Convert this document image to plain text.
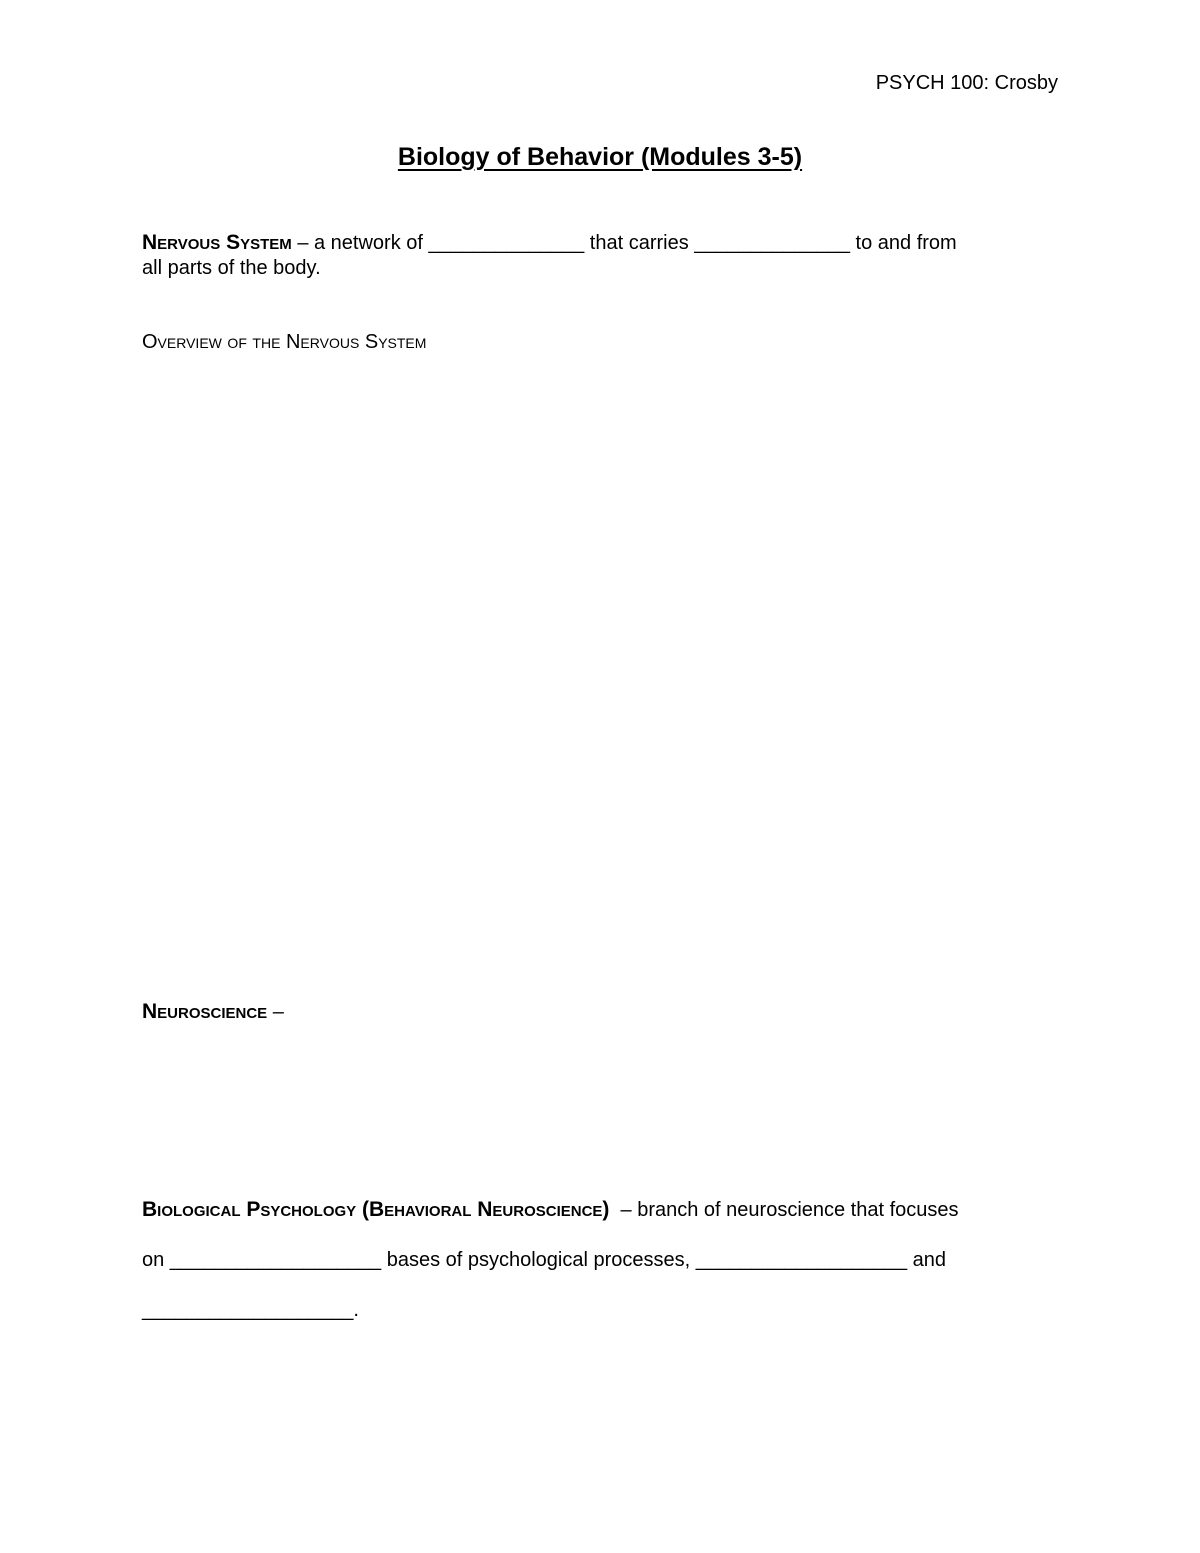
PSYCH 100: Crosby
Biology of Behavior (Modules 3-5)
Nervous System – a network of ______________ that carries ______________ to and from
all parts of the body.
Overview of the Nervous System
Neuroscience –
Biological Psychology (Behavioral Neuroscience)  – branch of neuroscience that focuses
on ___________________ bases of psychological processes, ___________________ and
___________________.
